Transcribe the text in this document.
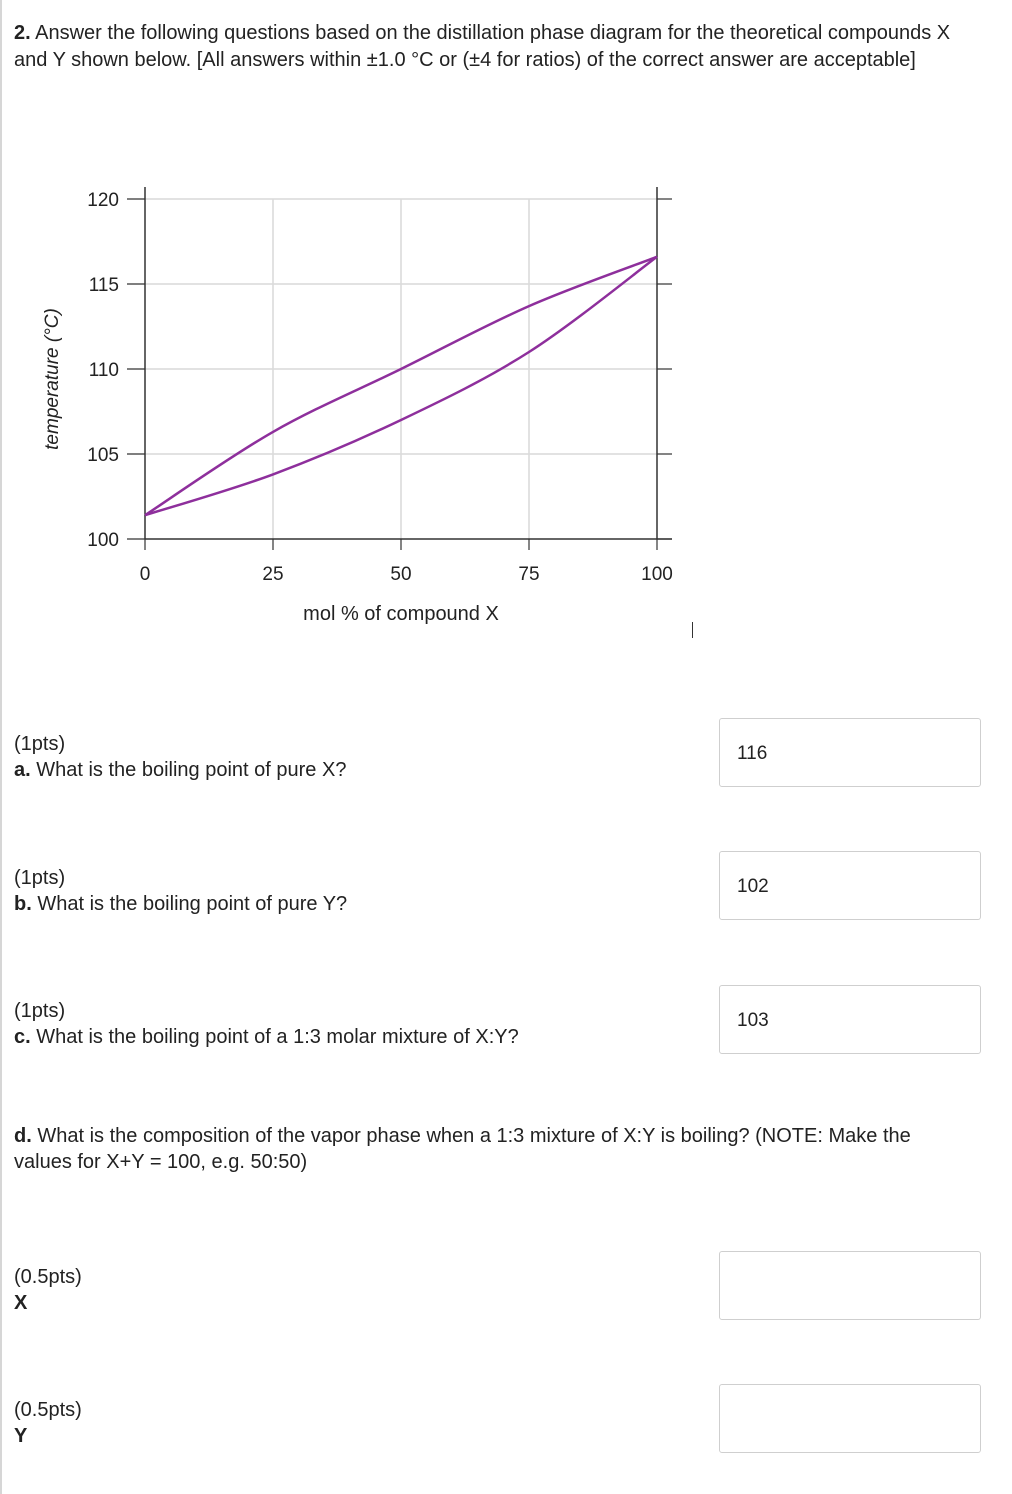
2. Answer the following questions based on the distillation phase diagram for the theoretical compounds X and Y shown below. [All answers within ±1.0 °C or (±4 for ratios) of the correct answer are acceptable]
100
105
110
115
120
0	25	50	75	100
mol % of compound X
temperature (°C)
(1pts)
a. What is the boiling point of pure X?
116
(1pts)
b. What is the boiling point of pure Y?
102
(1pts)
c. What is the boiling point of a 1:3 molar mixture of X:Y?
103
d. What is the composition of the vapor phase when a 1:3 mixture of X:Y is boiling? (NOTE: Make the values for X+Y = 100, e.g. 50:50)
(0.5pts)
X
(0.5pts)
Y
